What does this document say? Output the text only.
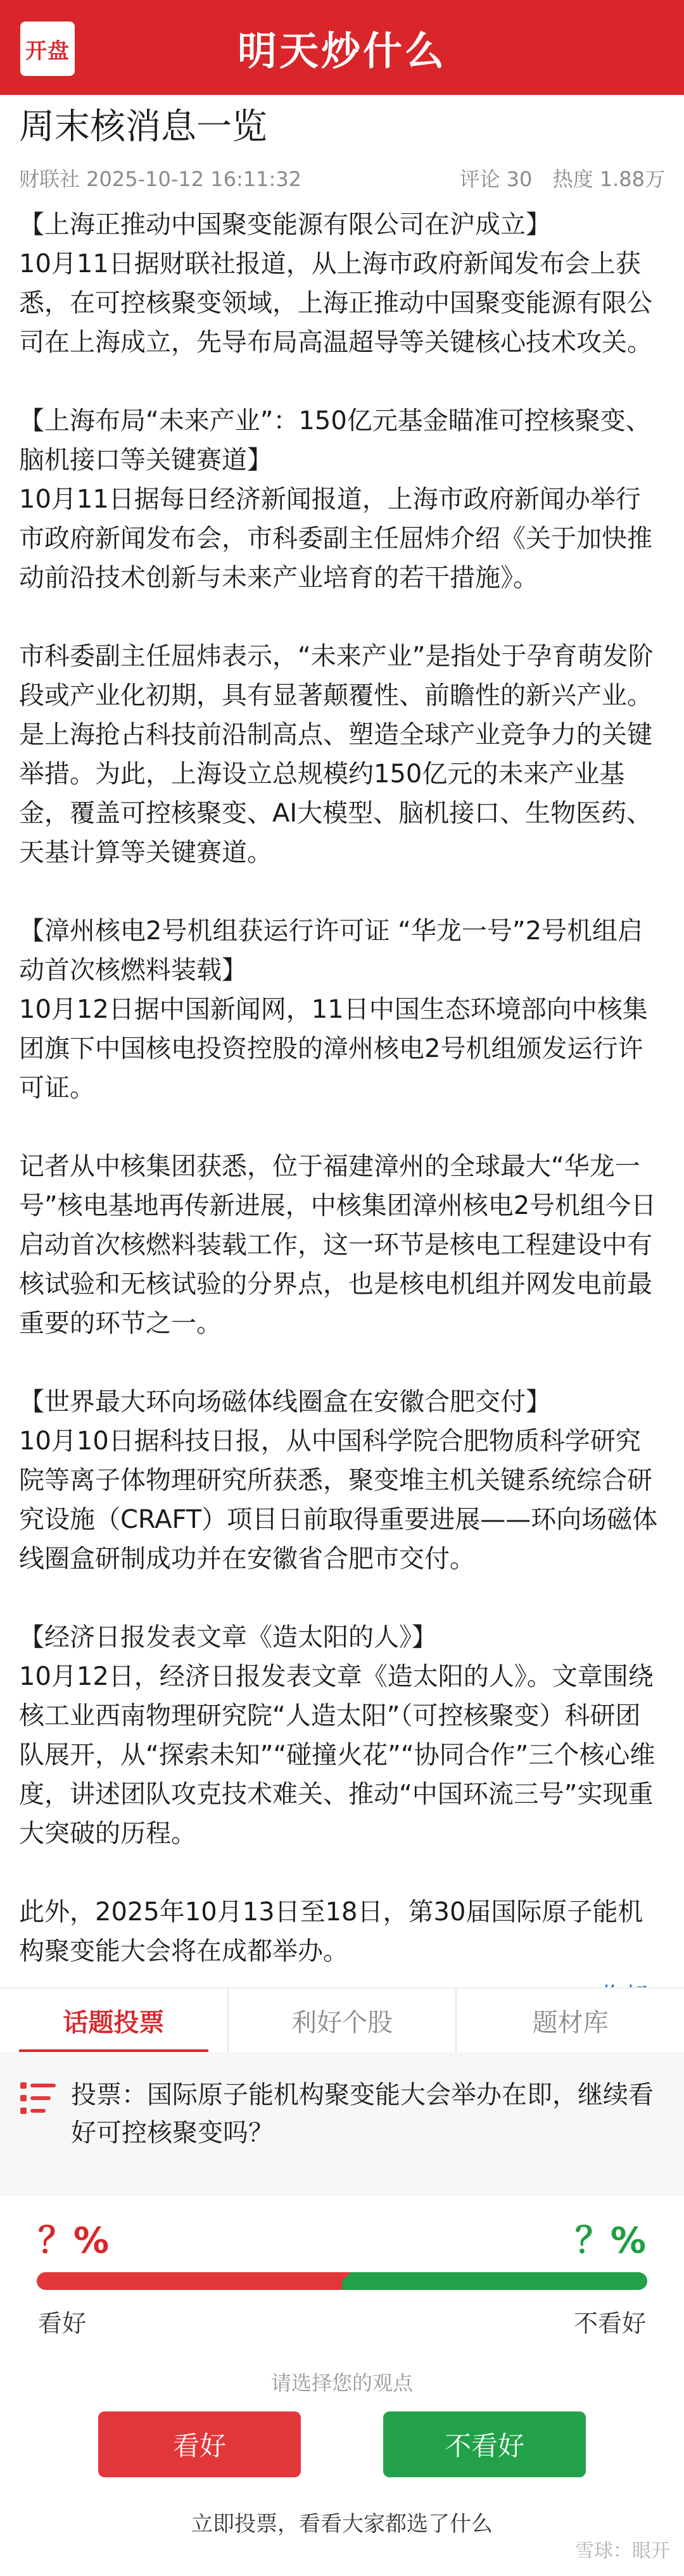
开盘	明天炒什么
周末核消息一览
财联社 2025-10-12 16:11:32	评论 30 热度 1.88万

【上海正推动中国聚变能源有限公司在沪成立】

10月11日据财联社报道，从上海市政府新闻发布会上获悉，在可控核聚变领域，上海正推动中国聚变能源有限公司在上海成立，先导布局高温超导等关键核心技术攻关。

【上海布局“未来产业”：150亿元基金瞄准可控核聚变、脑机接口等关键赛道】

10月11日据每日经济新闻报道，上海市政府新闻办举行市政府新闻发布会，市科委副主任屈炜介绍《关于加快推动前沿技术创新与未来产业培育的若干措施》。

市科委副主任屈炜表示，“未来产业”是指处于孕育萌发阶段或产业化初期，具有显著颠覆性、前瞻性的新兴产业。是上海抢占科技前沿制高点、塑造全球产业竞争力的关键举措。为此，上海设立总规模约150亿元的未来产业基金，覆盖可控核聚变、AI大模型、脑机接口、生物医药、天基计算等关键赛道。

【漳州核电2号机组获运行许可证 “华龙一号”2号机组启动首次核燃料装载】

10月12日据中国新闻网，11日中国生态环境部向中核集团旗下中国核电投资控股的漳州核电2号机组颁发运行许可证。

记者从中核集团获悉，位于福建漳州的全球最大“华龙一号”核电基地再传新进展，中核集团漳州核电2号机组今日启动首次核燃料装载工作，这一环节是核电工程建设中有核试验和无核试验的分界点，也是核电机组并网发电前最重要的环节之一。

【世界最大环向场磁体线圈盒在安徽合肥交付】

10月10日据科技日报，从中国科学院合肥物质科学研究院等离子体物理研究所获悉，聚变堆主机关键系统综合研究设施（CRAFT）项目日前取得重要进展——环向场磁体线圈盒研制成功并在安徽省合肥市交付。

【经济日报发表文章《造太阳的人》】

10月12日，经济日报发表文章《造太阳的人》。文章围绕核工业西南物理研究院“人造太阳”（可控核聚变）科研团队展开，从“探索未知”“碰撞火花”“协同合作”三个核心维度，讲述团队攻克技术难关、推动“中国环流三号”实现重大突破的历程。

此外，2025年10月13日至18日，第30届国际原子能机构聚变能大会将在成都举办。

话题投票	利好个股	题材库
投票：国际原子能机构聚变能大会举办在即，继续看好可控核聚变吗？
？%	？%
看好	不看好
请选择您的观点
看好	不看好
立即投票，看看大家都选了什么
雪球：眼开
